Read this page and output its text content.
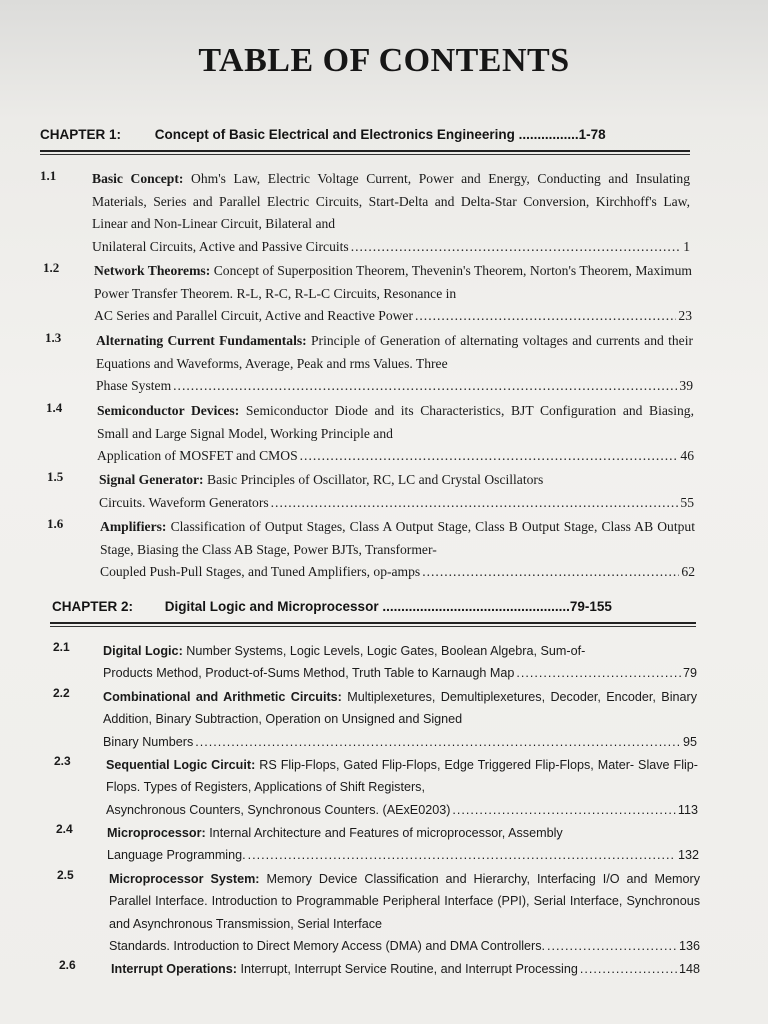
TABLE OF CONTENTS
CHAPTER 1:	Concept of Basic Electrical and Electronics Engineering ................1-78
1.1	Basic Concept: Ohm's Law, Electric Voltage Current, Power and Energy, Conducting and Insulating Materials, Series and Parallel Electric Circuits, Start-Delta and Delta-Star Conversion, Kirchhoff's Law, Linear and Non-Linear Circuit, Bilateral and
Unilateral Circuits, Active and Passive Circuits .....	1
1.2	Network Theorems: Concept of Superposition Theorem, Thevenin's Theorem, Norton's Theorem, Maximum Power Transfer Theorem. R-L, R-C, R-L-C Circuits, Resonance in
AC Series and Parallel Circuit, Active and Reactive Power .....	23
1.3	Alternating Current Fundamentals: Principle of Generation of alternating voltages and currents and their Equations and Waveforms, Average, Peak and rms Values. Three
Phase System .....	39
1.4	Semiconductor Devices: Semiconductor Diode and its Characteristics, BJT Configuration and Biasing, Small and Large Signal Model, Working Principle and
Application of MOSFET and CMOS .....	46
1.5	Signal Generator: Basic Principles of Oscillator, RC, LC and Crystal Oscillators
Circuits. Waveform Generators .....	55
1.6	Amplifiers: Classification of Output Stages, Class A Output Stage, Class B Output Stage, Class AB Output Stage, Biasing the Class AB Stage, Power BJTs, Transformer-
Coupled Push-Pull Stages, and Tuned Amplifiers, op-amps .....	62
CHAPTER 2: Digital Logic and Microprocessor ..................................................79-155
2.1	Digital Logic: Number Systems, Logic Levels, Logic Gates, Boolean Algebra, Sum-of-
Products Method, Product-of-Sums Method, Truth Table to Karnaugh Map .....	79
2.2	Combinational and Arithmetic Circuits: Multiplexetures, Demultiplexetures, Decoder, Encoder, Binary Addition, Binary Subtraction, Operation on Unsigned and Signed
Binary Numbers .....	95
2.3	Sequential Logic Circuit: RS Flip-Flops, Gated Flip-Flops, Edge Triggered Flip-Flops, Mater- Slave Flip-Flops. Types of Registers, Applications of Shift Registers,
Asynchronous Counters, Synchronous Counters. (AExE0203) .....	113
2.4	Microprocessor: Internal Architecture and Features of microprocessor, Assembly
Language Programming. .....	132
2.5	Microprocessor System: Memory Device Classification and Hierarchy, Interfacing I/O and Memory Parallel Interface. Introduction to Programmable Peripheral Interface (PPI), Serial Interface, Synchronous and Asynchronous Transmission, Serial Interface
Standards. Introduction to Direct Memory Access (DMA) and DMA Controllers. .....	136
2.6	Interrupt Operations: Interrupt, Interrupt Service Routine, and Interrupt Processing .....	148
